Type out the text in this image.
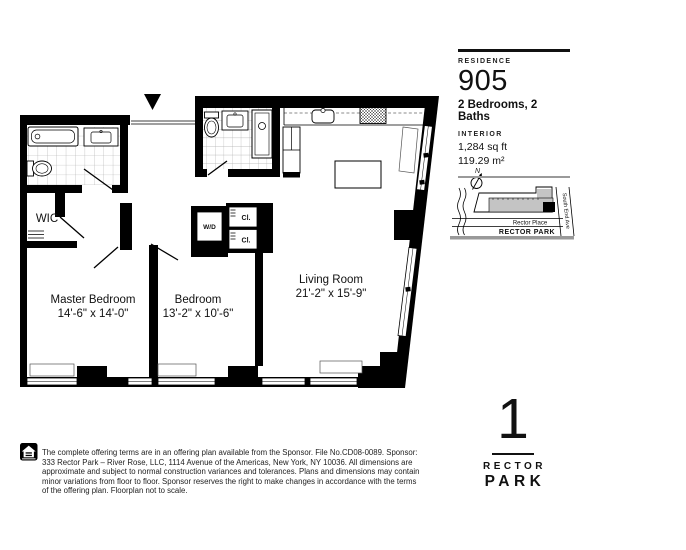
WIC
Master Bedroom
14'-6" x 14'-0"
Bedroom
13'-2" x 10'-6"
Living Room
21'-2" x 15'-9"
W/D
Cl.
Cl.
N
Rector Place
RECTOR PARK
South End Ave
RESIDENCE
905
2 Bedrooms, 2 Baths
INTERIOR
1,284 sq ft
119.29 m²
The complete offering terms are in an offering plan available from the Sponsor. File No.CD08-0089. Sponsor:
333 Rector Park – River Rose, LLC, 1114 Avenue of the Americas, New York, NY 10036. All dimensions are
approximate and subject to normal construction variances and tolerances. Plans and dimensions may contain
minor variations from floor to floor. Sponsor reserves the right to make changes in accordance with the terms
of the offering plan. Floorplan not to scale.
1
RECTOR
PARK
